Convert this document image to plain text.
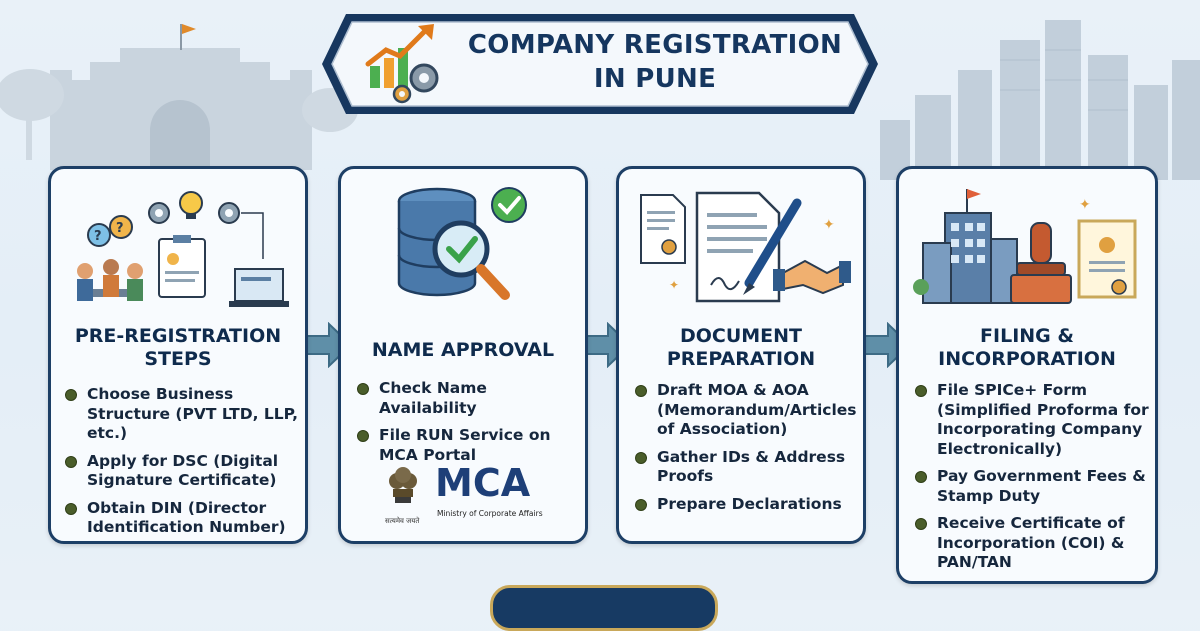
COMPANY REGISTRATION
IN PUNE
?
?
PRE-REGISTRATION
STEPS
Choose Business Structure (PVT LTD, LLP, etc.)
Apply for DSC (Digital Signature Certificate)
Obtain DIN (Director Identification Number)
NAME APPROVAL
Check Name Availability
File RUN Service on MCA Portal
सत्यमेव जयते
MCA
Ministry of Corporate Affairs
✦
✦
DOCUMENT
PREPARATION
Draft MOA & AOA (Memorandum/Articles of Association)
Gather IDs & Address Proofs
Prepare Declarations
✦
FILING &
INCORPORATION
File SPICe+ Form (Simplified Proforma for Incorporating Company Electronically)
Pay Government Fees & Stamp Duty
Receive Certificate of Incorporation (COI) & PAN/TAN
